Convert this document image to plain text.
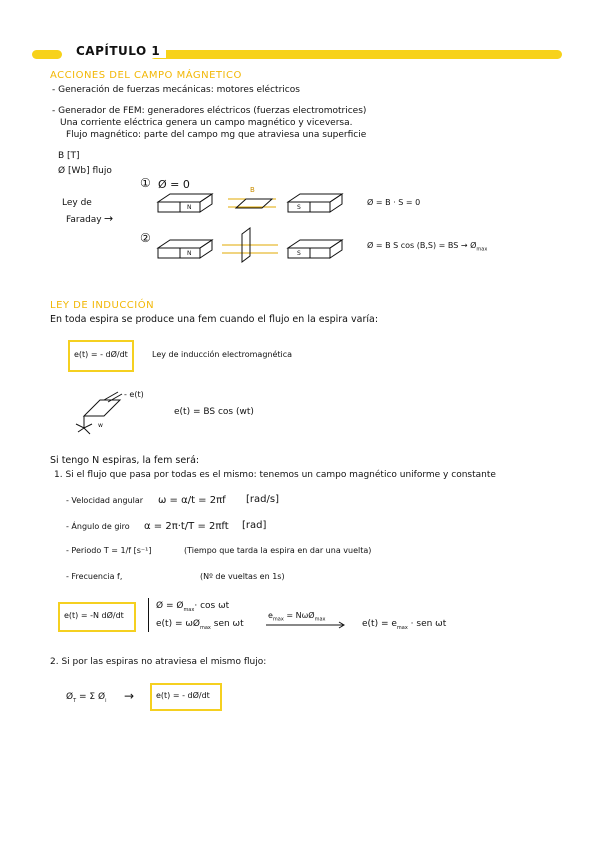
CAPÍTULO 1
ACCIONES DEL CAMPO MÁGNETICO
- Generación de fuerzas mecánicas: motores eléctricos
- Generador de FEM: generadores eléctricos (fuerzas electromotrices)
Una corriente eléctrica genera un campo magnético y viceversa.
Flujo magnético: parte del campo mg que atraviesa una superficie
B [T]
Ø [Wb] flujo
Ley de
Faraday →
① Ø = 0
②
B
N	S
N	S
Ø = B · S = 0
Ø = B S cos (B,S) = BS → $Ø_{max}$
LEY DE INDUCCIÓN
En toda espira se produce una fem cuando el flujo en la espira varía:
e(t) = - dØ/dt	Ley de inducción electromagnética
- e(t)
w
e(t) = BS cos (wt)
Si tengo N espiras, la fem será:
1. Si el flujo que pasa por todas es el mismo: tenemos un campo magnético uniforme y constante
- Velocidad angular ω = α/t = 2πf [rad/s]
- Ángulo de giro α = 2π·t/T = 2πft [rad]
- Periodo T = 1/f [s⁻¹]	(Tiempo que tarda la espira en dar una vuelta)
- Frecuencia f,	(Nº de vueltas en 1s)
e(t) = -N dØ/dt
Ø = $Ø_{max}\cdot \cos \omega t$
$e(t) = \omega Ø_{max}$ sen ωt
$e_{max}$ = NωØ$_{max}$	$e(t) = e_{max}$ · sen ωt
2. Si por las espiras no atraviesa el mismo flujo:
$Ø_T = \Sigma$ $Ø_i$ →	e(t) = - dØ/dt
